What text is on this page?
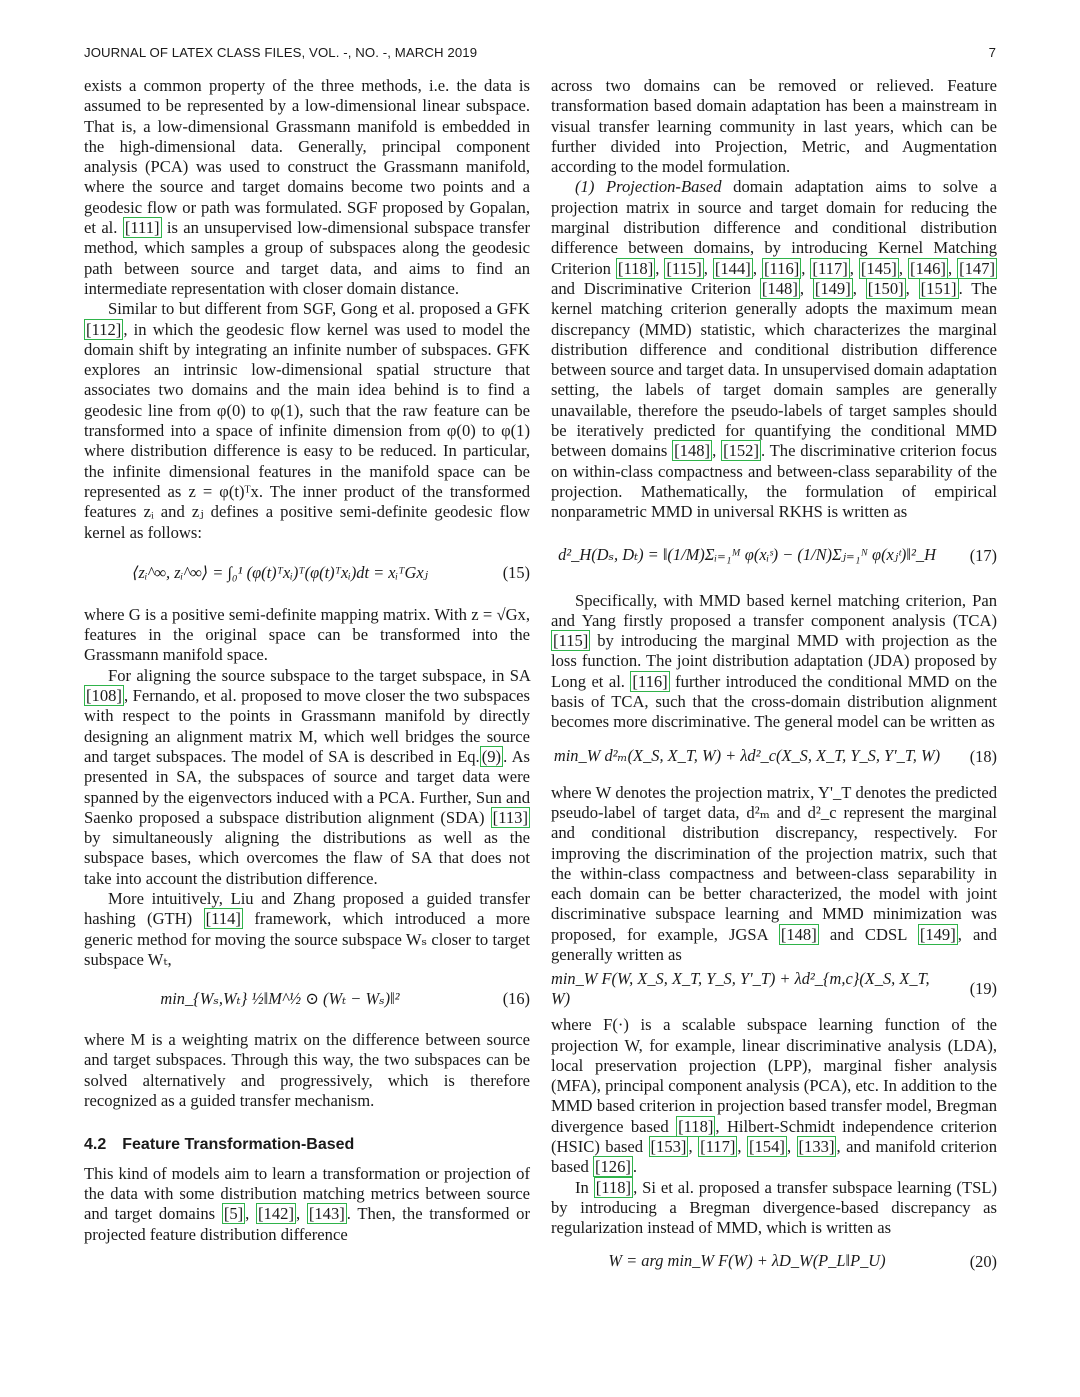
JOURNAL OF LATEX CLASS FILES, VOL. -, NO. -, MARCH 2019	7

exists a common property of the three methods, i.e. the data is assumed to be represented by a low-dimensional linear subspace. That is, a low-dimensional Grassmann manifold is embedded in the high-dimensional data. Generally, principal component analysis (PCA) was used to construct the Grassmann manifold, where the source and target domains become two points and a geodesic flow or path was formulated. SGF proposed by Gopalan, et al. [111] is an unsupervised low-dimensional subspace transfer method, which samples a group of subspaces along the geodesic path between source and target data, and aims to find an intermediate representation with closer domain distance.

Similar to but different from SGF, Gong et al. proposed a GFK [112] , in which the geodesic flow kernel was used to model the domain shift by integrating an infinite number of subspaces. GFK explores an intrinsic low-dimensional spatial structure that associates two domains and the main idea behind is to find a geodesic line from φ(0) to φ(1), such that the raw feature can be transformed into a space of infinite dimension from φ(0) to φ(1) where distribution difference is easy to be reduced. In particular, the infinite dimensional features in the manifold space can be represented as z = φ(t)ᵀx. The inner product of the transformed features zᵢ and zⱼ defines a positive semi-definite geodesic flow kernel as follows:

⟨zᵢ^∞, zᵢ^∞⟩ = ∫₀¹ (φ(t)ᵀxᵢ)ᵀ(φ(t)ᵀxᵢ)dt = xᵢᵀGxⱼ	(15)

where G is a positive semi-definite mapping matrix. With z = √Gx, features in the original space can be transformed into the Grassmann manifold space.

For aligning the source subspace to the target subspace, in SA [108] , Fernando, et al. proposed to move closer the two subspaces with respect to the points in Grassmann manifold by directly designing an alignment matrix M, which well bridges the source and target subspaces. The model of SA is described in Eq. (9) . As presented in SA, the subspaces of source and target data were spanned by the eigenvectors induced with a PCA. Further, Sun and Saenko proposed a subspace distribution alignment (SDA) [113] by simultaneously aligning the distributions as well as the subspace bases, which overcomes the flaw of SA that does not take into account the distribution difference.

More intuitively, Liu and Zhang proposed a guided transfer hashing (GTH) [114] framework, which introduced a more generic method for moving the source subspace Wₛ closer to target subspace Wₜ,

min_{Wₛ,Wₜ} ½‖M^½ ⊙ (Wₜ − Wₛ)‖²	(16)

where M is a weighting matrix on the difference between source and target subspaces. Through this way, the two subspaces can be solved alternatively and progressively, which is therefore recognized as a guided transfer mechanism.

4.2 Feature Transformation-Based

This kind of models aim to learn a transformation or projection of the data with some distribution matching metrics between source and target domains [5] , [142] , [143] . Then, the transformed or projected feature distribution difference

across two domains can be removed or relieved. Feature transformation based domain adaptation has been a mainstream in visual transfer learning community in last years, which can be further divided into Projection, Metric, and Augmentation according to the model formulation.

(1) Projection-Based domain adaptation aims to solve a projection matrix in source and target domain for reducing the marginal distribution difference and conditional distribution difference between domains, by introducing Kernel Matching Criterion [118] , [115] , [144] , [116] , [117] , [145] , [146] , [147] and Discriminative Criterion [148] , [149] , [150] , [151] . The kernel matching criterion generally adopts the maximum mean discrepancy (MMD) statistic, which characterizes the marginal distribution difference and conditional distribution difference between source and target data. In unsupervised domain adaptation setting, the labels of target domain samples are generally unavailable, therefore the pseudo-labels of target samples should be iteratively predicted for quantifying the conditional MMD between domains [148] , [152] . The discriminative criterion focus on within-class compactness and between-class separability of the projection. Mathematically, the formulation of empirical nonparametric MMD in universal RKHS is written as

d²_H(Dₛ, Dₜ) = ‖(1/M)Σᵢ₌₁ᴹ φ(xᵢˢ) − (1/N)Σⱼ₌₁ᴺ φ(xⱼᵗ)‖²_H	(17)

Specifically, with MMD based kernel matching criterion, Pan and Yang firstly proposed a transfer component analysis (TCA) [115] by introducing the marginal MMD with projection as the loss function. The joint distribution adaptation (JDA) proposed by Long et al. [116] further introduced the conditional MMD on the basis of TCA, such that the cross-domain distribution alignment becomes more discriminative. The general model can be written as

min_W d²ₘ(X_S, X_T, W) + λd²_c(X_S, X_T, Y_S, Y'_T, W)	(18)

where W denotes the projection matrix, Y'_T denotes the predicted pseudo-label of target data, d²ₘ and d²_c represent the marginal and conditional distribution discrepancy, respectively. For improving the discrimination of the projection matrix, such that the within-class compactness and between-class separability in each domain can be better characterized, the model with joint discriminative subspace learning and MMD minimization was proposed, for example, JGSA [148] and CDSL [149] , and generally written as

min_W F(W, X_S, X_T, Y_S, Y'_T) + λd²_{m,c}(X_S, X_T, W)
(19)

where F(·) is a scalable subspace learning function of the projection W, for example, linear discriminative analysis (LDA), local preservation projection (LPP), marginal fisher analysis (MFA), principal component analysis (PCA), etc. In addition to the MMD based criterion in projection based transfer model, Bregman divergence based [118] , Hilbert-Schmidt independence criterion (HSIC) based [153] , [117] , [154] , [133] , and manifold criterion based [126] .

In [118] , Si et al. proposed a transfer subspace learning (TSL) by introducing a Bregman divergence-based discrepancy as regularization instead of MMD, which is written as

W = arg min_W F(W) + λD_W(P_L‖P_U)	(20)
